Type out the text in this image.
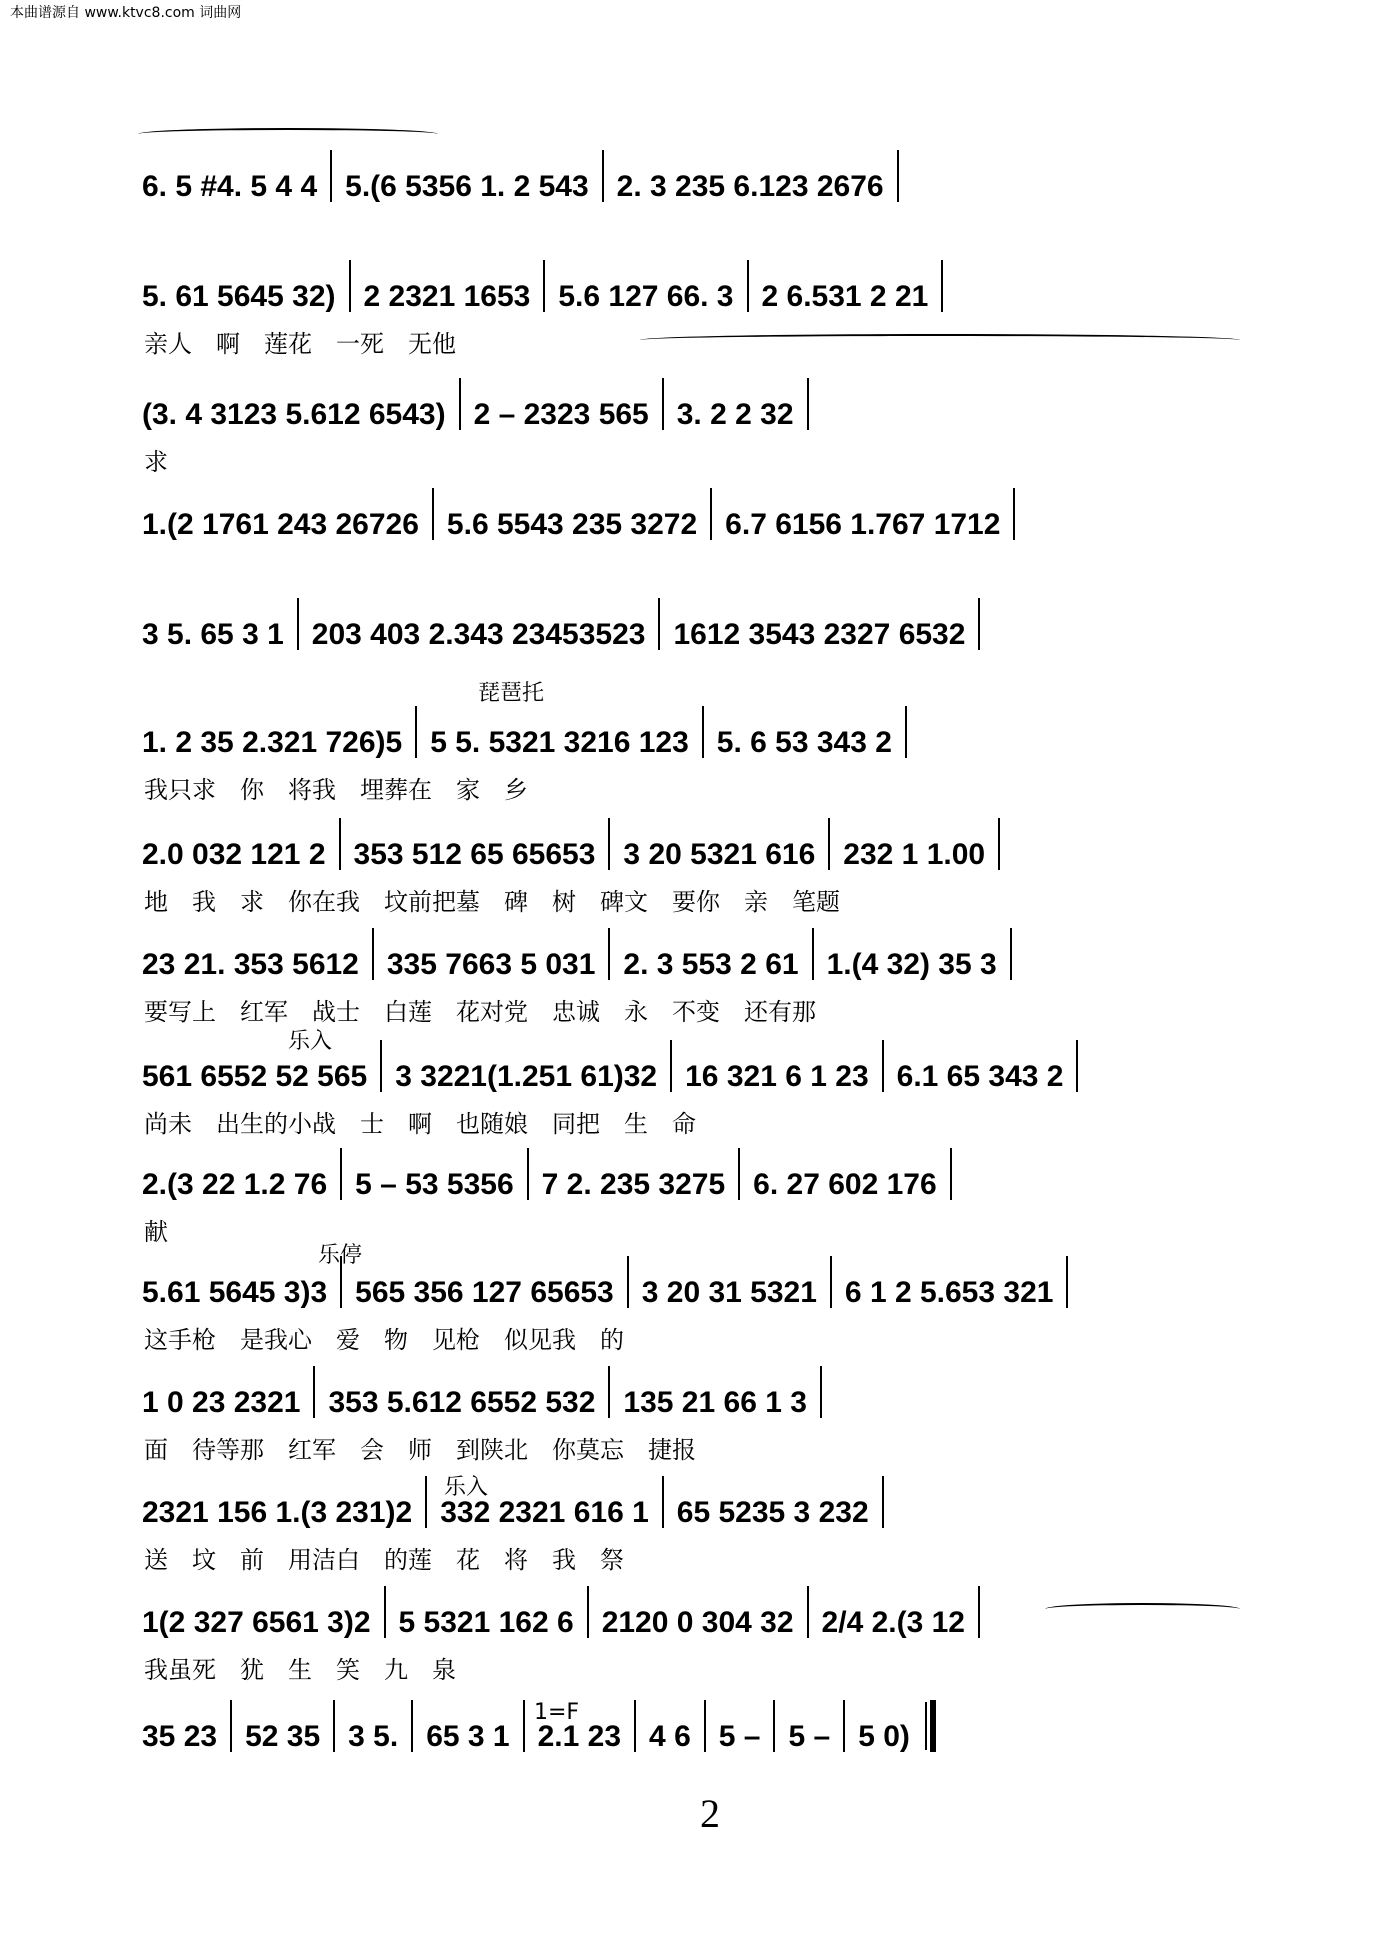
本曲谱源自 www.ktvc8.com 词曲网
6. 5 #4. 5 4 4 5.(6 5356 1. 2 543 2. 3 235 6.123 2676
5. 61 5645 32) 2 2321 1653 5.6 127 66. 3 2 6.531 2 21
亲人	啊	莲花	一死	无他
(3. 4 3123 5.612 6543) 2 – 2323 565 3. 2 2 32
求
1.(2 1761 243 26726 5.6 5543 235 3272 6.7 6156 1.767 1712
3 5. 65 3 1 203 403 2.343 23453523 1612 3543 2327 6532
1. 2 35 2.321 726)5 5 5. 5321 3216 123 5. 6 53 343 2
我只求	你	将我	埋葬在	家	乡
2.0 032 121 2 353 512 65 65653 3 20 5321 616 232 1 1.00
地	我	求	你在我	坟前把墓	碑	树	碑文	要你	亲	笔题
23 21. 353 5612 335 7663 5 031 2. 3 553 2 61 1.(4 32) 35 3
要写上	红军	战士	白莲	花对党	忠诚	永	不变	还有那
561 6552 52 565 3 3221(1.251 61)32 16 321 6 1 23 6.1 65 343 2
尚未	出生的小战	士	啊	也随娘	同把	生	命
2.(3 22 1.2 76 5 – 53 5356 7 2. 235 3275 6. 27 602 176
献
5.61 5645 3)3 565 356 127 65653 3 20 31 5321 6 1 2 5.653 321
这手枪	是我心	爱	物	见枪	似见我	的
1 0 23 2321 353 5.612 6552 532 135 21 66 1 3
面	待等那	红军	会	师	到陕北	你莫忘	捷报
2321 156 1.(3 231)2 332 2321 616 1 65 5235 3 232
送	坟	前	用洁白	的莲	花	将	我	祭
1(2 327 6561 3)2 5 5321 162 6 2120 0 304 32 2/4 2.(3 12
我虽死	犹	生	笑	九	泉
35 23 52 35 3 5. 65 3 1 2.1 23 4 6 5 – 5 – 5 0)
琵琶托
乐入
乐停
乐入
1=F
2
